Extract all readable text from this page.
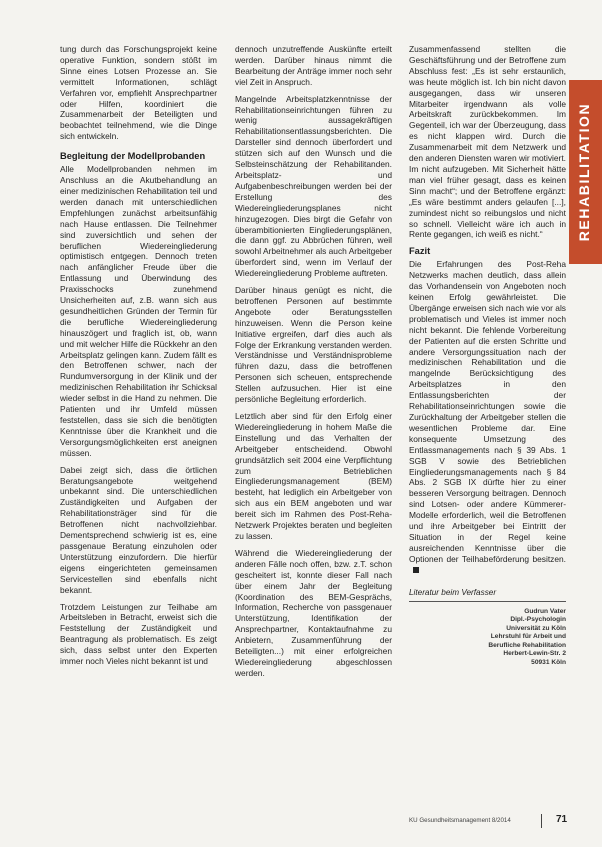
tung durch das Forschungsprojekt keine operative Funktion, sondern stößt im Sinne eines Lotsen Prozesse an. Sie vermittelt Informationen, schlägt Verfahren vor, empfiehlt Ansprechpartner oder Hilfen, koordiniert die Zusammenarbeit der Beteiligten und beobachtet teilnehmend, wie die Dinge sich entwickeln.

Begleitung der Modellprobanden

Alle Modellprobanden nehmen im Anschluss an die Akutbehandlung an einer medizinischen Rehabilitation teil und werden danach mit unterschiedlichen Empfehlungen zunächst arbeitsunfähig nach Hause entlassen. Die Teilnehmer sind zuversichtlich und sehen der beruflichen Wiedereingliederung optimistisch entgegen. Dennoch treten nach anfänglicher Freude über die Entlassung und Überwindung des Praxisschocks zunehmend Unsicherheiten auf, z.B. wann sich aus gesundheitlichen Gründen der Termin für die berufliche Wiedereingliederung hinauszögert und fraglich ist, ob, wann und mit welcher Hilfe die Rückkehr an den Arbeitsplatz gelingen kann. Zudem fällt es den Betroffenen schwer, nach der Rundumversorgung in der Klinik und der medizinischen Rehabilitation ihr Schicksal wieder selbst in die Hand zu nehmen. Die Patienten und ihr Umfeld müssen feststellen, dass sie sich die benötigten Kenntnisse über die Krankheit und die Versorgungsmöglichkeiten erst aneignen müssen.

Dabei zeigt sich, dass die örtlichen Beratungsangebote weitgehend unbekannt sind. Die unterschiedlichen Zuständigkeiten und Aufgaben der Rehabilitationsträger sind für die Betroffenen nicht nachvollziehbar. Dementsprechend schwierig ist es, eine passgenaue Beratung einzuholen oder Unterstützung einzufordern. Die hierfür eigens eingerichteten gemeinsamen Servicestellen sind ebenfalls nicht bekannt.

Trotzdem Leistungen zur Teilhabe am Arbeitsleben in Betracht, erweist sich die Feststellung der Zuständigkeit und Beantragung als problematisch. Es zeigt sich, dass selbst unter den Experten immer noch Vieles nicht bekannt ist und

dennoch unzutreffende Auskünfte erteilt werden. Darüber hinaus nimmt die Bearbeitung der Anträge immer noch sehr viel Zeit in Anspruch.

Mangelnde Arbeitsplatzkenntnisse der Rehabilitationseinrichtungen führen zu wenig aussagekräftigen Rehabilitationsentlassungsberichten. Die Darsteller sind dennoch überfordert und stützen sich auf den Wunsch und die Selbsteinschätzung der Rehabilitanden. Arbeitsplatz- und Aufgabenbeschreibungen werden bei der Erstellung des Wiedereingliederungsplanes nicht hinzugezogen. Dies birgt die Gefahr von überambitionierten Eingliederungsplänen, die dann ggf. zu Abbrüchen führen, weil sowohl Arbeitnehmer als auch Arbeitgeber überfordert sind, wenn im Verlauf der Wiedereingliederung Probleme auftreten.

Darüber hinaus genügt es nicht, die betroffenen Personen auf bestimmte Angebote oder Beratungsstellen hinzuweisen. Wenn die Person keine Initiative ergreifen, darf dies auch als Folge der Erkrankung verstanden werden. Verständnisse und Verständnisprobleme führen dazu, dass die betroffenen Personen sich scheuen, entsprechende Stellen aufzusuchen. Hier ist eine persönliche Begleitung erforderlich.

Letztlich aber sind für den Erfolg einer Wiedereingliederung in hohem Maße die Einstellung und das Verhalten der Arbeitgeber entscheidend. Obwohl grundsätzlich seit 2004 eine Verpflichtung zum Betrieblichen Eingliederungsmanagement (BEM) besteht, hat lediglich ein Arbeitgeber von sich aus ein BEM angeboten und war bereit sich im Rahmen des Post-Reha-Netzwerk Projektes beraten und begleiten zu lassen.

Während die Wiedereingliederung der anderen Fälle noch offen, bzw. z.T. schon gescheitert ist, konnte dieser Fall nach über einem Jahr der Begleitung (Koordination des BEM-Gesprächs, Information, Recherche von passgenauer Unterstützung, Identifikation der Ansprechpartner, Kontaktaufnahme zu Anbietern, Zusammenführung der Beteiligten...) mit einer erfolgreichen Wiedereingliederung abgeschlossen werden.

Zusammenfassend stellten die Geschäftsführung und der Betroffene zum Abschluss fest: „Es ist sehr erstaunlich, was heute möglich ist. Ich bin nicht davon ausgegangen, dass wir unseren Mitarbeiter irgendwann als volle Arbeitskraft zurückbekommen. Im Gegenteil, ich war der Überzeugung, dass es nicht klappen wird. Durch die Zusammenarbeit mit dem Netzwerk und den anderen Diensten waren wir motiviert. Im nicht aufzugeben. Mit Sicherheit hätte man viel früher gesagt, dass es keinen Sinn macht“; und der Betroffene ergänzt: „Es wäre bestimmt anders gelaufen [...], zumindest nicht so reibungslos und nicht so schnell. Vielleicht wäre ich auch in Rente gegangen, ich weiß es nicht.“

Fazit

Die Erfahrungen des Post-Reha Netzwerks machen deutlich, dass allein das Vorhandensein von Angeboten noch keinen Erfolg gewährleistet. Die Übergänge erweisen sich nach wie vor als problematisch und Vieles ist immer noch nicht bekannt. Die fehlende Vorbereitung der Patienten auf die ersten Schritte und andere Versorgungssituation nach der medizinischen Rehabilitation und die mangelnde Berücksichtigung des Arbeitsplatzes in den Entlassungsberichten der Rehabilitationseinrichtungen sowie die Zurückhaltung der Arbeitgeber stellen die wesentlichen Probleme dar. Eine konsequente Umsetzung des Entlassmanagements nach § 39 Abs. 1 SGB V sowie des Betrieblichen Eingliederungsmanagements nach § 84 Abs. 2 SGB IX dürfte hier zu einer besseren Versorgung beitragen. Dennoch sind Lotsen- oder andere Kümmerer-Modelle erforderlich, weil die Betroffenen und ihre Arbeitgeber bei Eintritt der Situation in der Regel keine ausreichenden Kenntnisse über die Optionen der Teilhabeförderung besitzen.

Literatur beim Verfasser
Gudrun Vater
Dipl.-Psychologin
Universität zu Köln
Lehrstuhl für Arbeit und
Berufliche Rehabilitation
Herbert-Lewin-Str. 2
50931 Köln
REHABILITATION
KU Gesundheitsmanagement 8/2014	71
